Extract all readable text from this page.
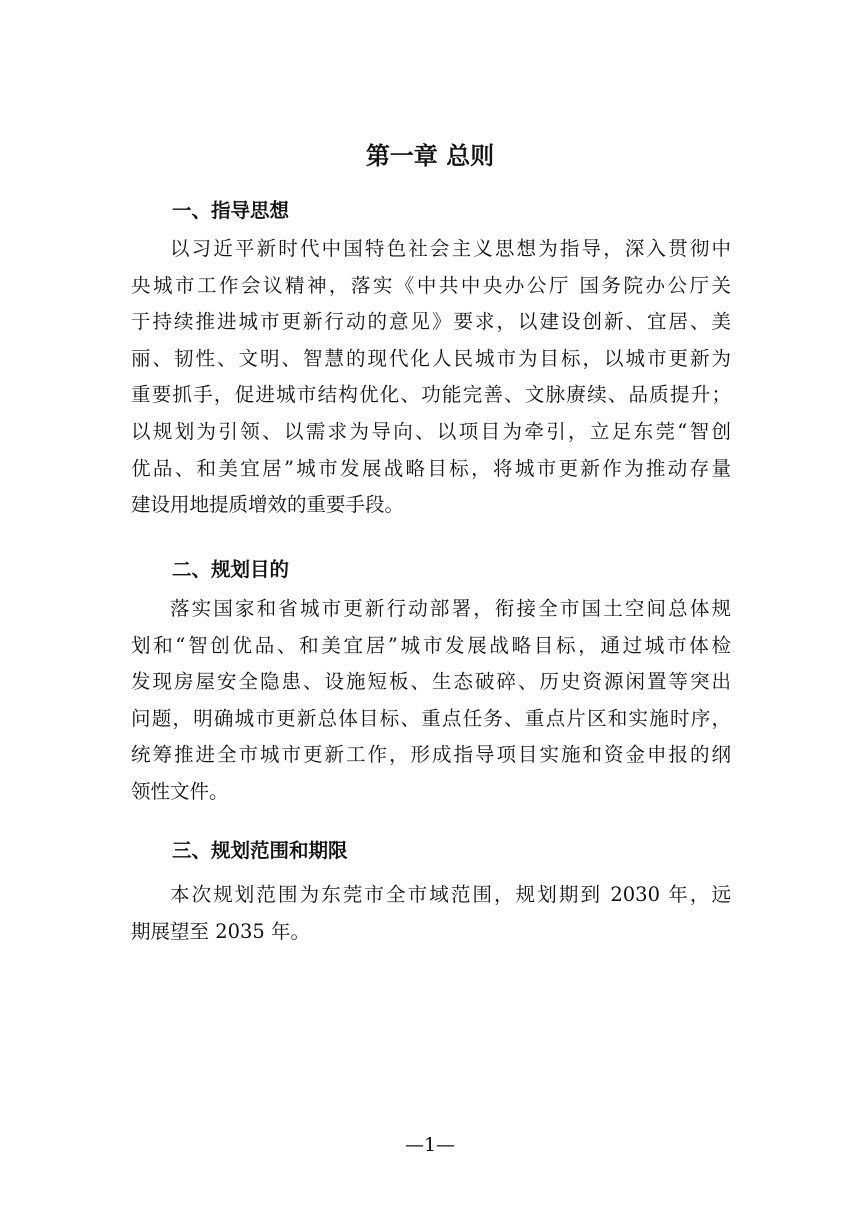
第一章 总则
一、指导思想
以习近平新时代中国特色社会主义思想为指导，深入贯彻中
央城市工作会议精神，落实《中共中央办公厅 国务院办公厅关
于持续推进城市更新行动的意见》要求，以建设创新、宜居、美
丽、韧性、文明、智慧的现代化人民城市为目标，以城市更新为
重要抓手，促进城市结构优化、功能完善、文脉赓续、品质提升；
以规划为引领、以需求为导向、以项目为牵引，立足东莞“智创
优品、和美宜居”城市发展战略目标，将城市更新作为推动存量
建设用地提质增效的重要手段。
二、规划目的
落实国家和省城市更新行动部署，衔接全市国土空间总体规
划和“智创优品、和美宜居”城市发展战略目标，通过城市体检
发现房屋安全隐患、设施短板、生态破碎、历史资源闲置等突出
问题，明确城市更新总体目标、重点任务、重点片区和实施时序，
统筹推进全市城市更新工作，形成指导项目实施和资金申报的纲
领性文件。
三、规划范围和期限
本次规划范围为东莞市全市域范围，规划期到 2030 年，远
期展望至 2035 年。
—1—
